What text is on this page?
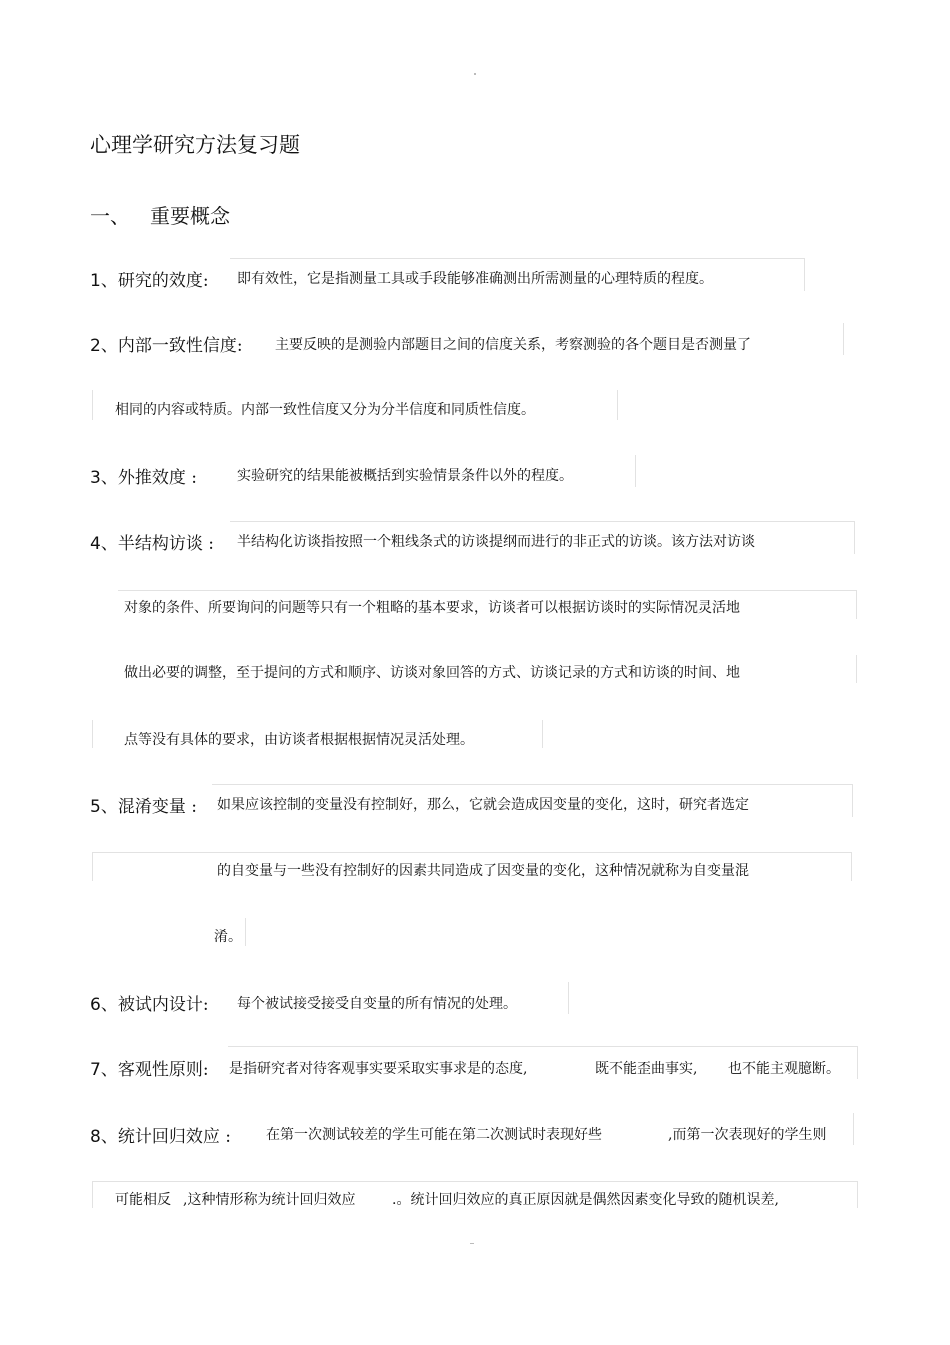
心理学研究方法复习题
一、 重要概念
1、研究的效度: 即有效性，它是指测量工具或手段能够准确测出所需测量的心理特质的程度。
2、内部一致性信度: 主要反映的是测验内部题目之间的信度关系，考察测验的各个题目是否测量了
相同的内容或特质。内部一致性信度又分为分半信度和同质性信度。
3、外推效度 :	实验研究的结果能被概括到实验情景条件以外的程度。
4、半结构访谈 : 半结构化访谈指按照一个粗线条式的访谈提纲而进行的非正式的访谈。该方法对访谈
对象的条件、所要询问的问题等只有一个粗略的基本要求，访谈者可以根据访谈时的实际情况灵活地
做出必要的调整，至于提问的方式和顺序、访谈对象回答的方式、访谈记录的方式和访谈的时间、地
点等没有具体的要求，由访谈者根据根据情况灵活处理。
5、混淆变量 : 如果应该控制的变量没有控制好，那么，它就会造成因变量的变化，这时，研究者选定
的自变量与一些没有控制好的因素共同造成了因变量的变化，这种情况就称为自变量混
淆。
6、被试内设计: 每个被试接受接受自变量的所有情况的处理。
7、客观性原则: 是指研究者对待客观事实要采取实事求是的态度,	既不能歪曲事实, 也不能主观臆断。
8、统计回归效应 :	在第一次测试较差的学生可能在第二次测试时表现好些	,而第一次表现好的学生则
可能相反 ,这种情形称为统计回归效应	.。统计回归效应的真正原因就是偶然因素变化导致的随机误差,
